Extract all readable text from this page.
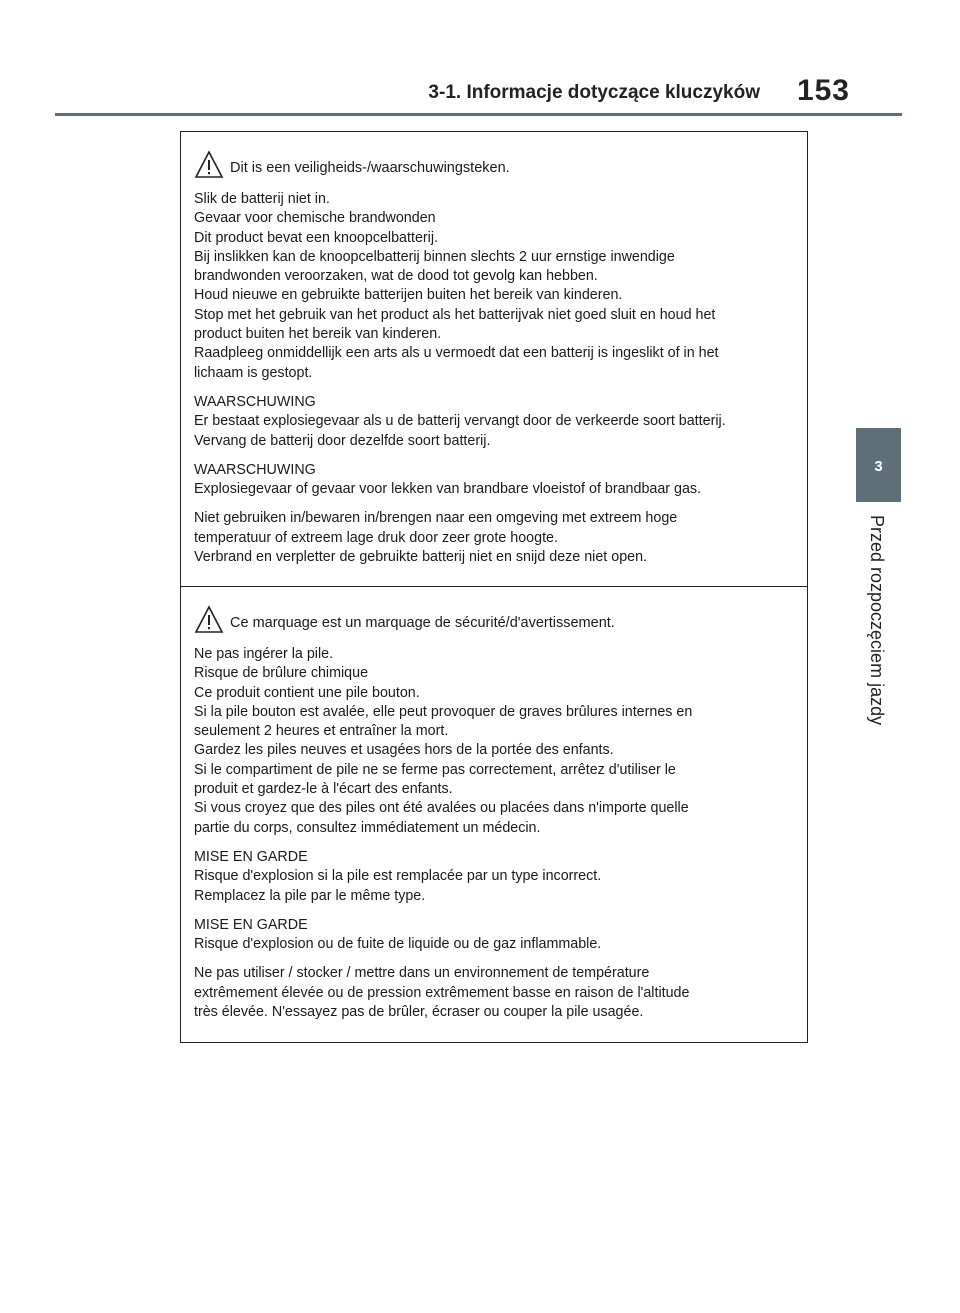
3-1. Informacje dotyczące kluczyków 153
3
Przed rozpoczęciem jazdy
Dit is een veiligheids-/waarschuwingsteken.
Slik de batterij niet in.
Gevaar voor chemische brandwonden
Dit product bevat een knoopcelbatterij.
Bij inslikken kan de knoopcelbatterij binnen slechts 2 uur ernstige inwendige
brandwonden veroorzaken, wat de dood tot gevolg kan hebben.
Houd nieuwe en gebruikte batterijen buiten het bereik van kinderen.
Stop met het gebruik van het product als het batterijvak niet goed sluit en houd het
product buiten het bereik van kinderen.
Raadpleeg onmiddellijk een arts als u vermoedt dat een batterij is ingeslikt of in het
lichaam is gestopt.
WAARSCHUWING
Er bestaat explosiegevaar als u de batterij vervangt door de verkeerde soort batterij.
Vervang de batterij door dezelfde soort batterij.
WAARSCHUWING
Explosiegevaar of gevaar voor lekken van brandbare vloeistof of brandbaar gas.
Niet gebruiken in/bewaren in/brengen naar een omgeving met extreem hoge
temperatuur of extreem lage druk door zeer grote hoogte.
Verbrand en verpletter de gebruikte batterij niet en snijd deze niet open.
Ce marquage est un marquage de sécurité/d'avertissement.
Ne pas ingérer la pile.
Risque de brûlure chimique
Ce produit contient une pile bouton.
Si la pile bouton est avalée, elle peut provoquer de graves brûlures internes en
seulement 2 heures et entraîner la mort.
Gardez les piles neuves et usagées hors de la portée des enfants.
Si le compartiment de pile ne se ferme pas correctement, arrêtez d'utiliser le
produit et gardez-le à l'écart des enfants.
Si vous croyez que des piles ont été avalées ou placées dans n'importe quelle
partie du corps, consultez immédiatement un médecin.
MISE EN GARDE
Risque d'explosion si la pile est remplacée par un type incorrect.
Remplacez la pile par le même type.
MISE EN GARDE
Risque d'explosion ou de fuite de liquide ou de gaz inflammable.
Ne pas utiliser / stocker / mettre dans un environnement de température
extrêmement élevée ou de pression extrêmement basse en raison de l'altitude
très élevée. N'essayez pas de brûler, écraser ou couper la pile usagée.
